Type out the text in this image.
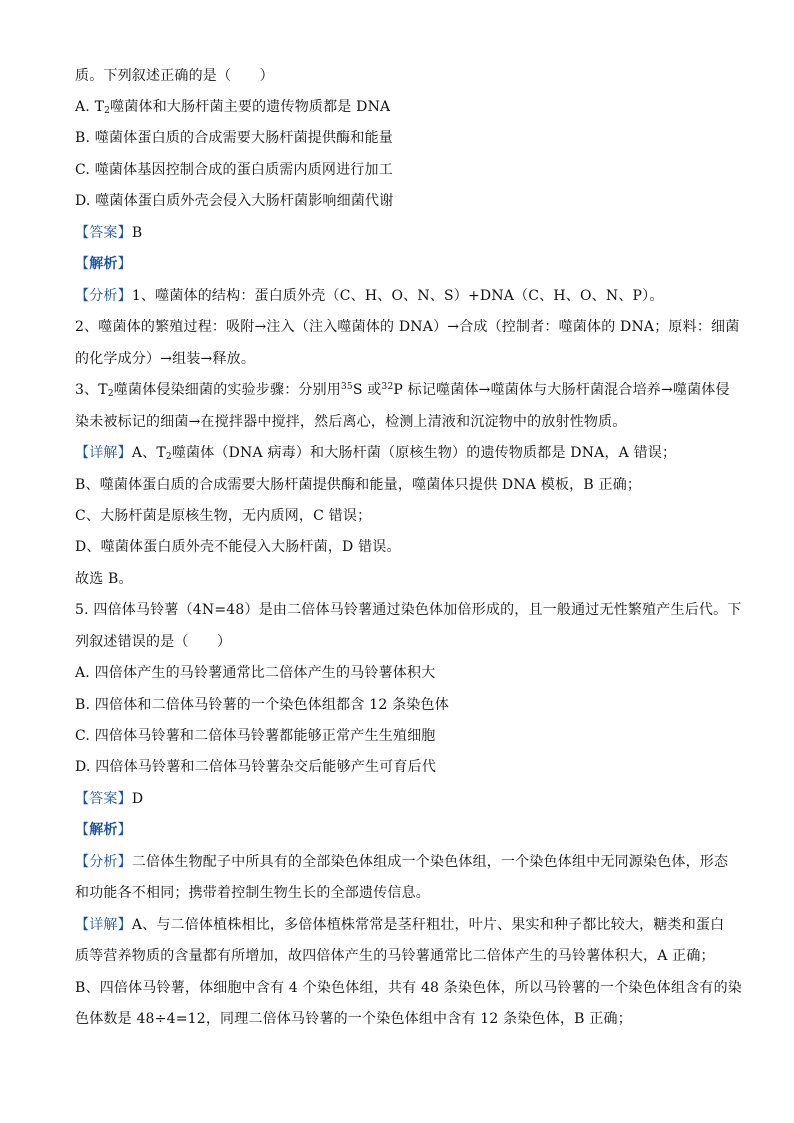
质。下列叙述正确的是（　　）
A. $T_2$噬菌体和大肠杆菌主要的遗传物质都是 DNA
B. 噬菌体蛋白质的合成需要大肠杆菌提供酶和能量
C. 噬菌体基因控制合成的蛋白质需内质网进行加工
D. 噬菌体蛋白质外壳会侵入大肠杆菌影响细菌代谢
【答案】B
【解析】
【分析】1、噬菌体的结构：蛋白质外壳（C、H、O、N、S）+DNA（C、H、O、N、P）。
2、噬菌体的繁殖过程：吸附→注入（注入噬菌体的 DNA）→合成（控制者：噬菌体的 DNA；原料：细菌
的化学成分）→组装→释放。
3、$T_2$噬菌体侵染细菌的实验步骤：分别用$^{35}$S 或$^{32}$P 标记噬菌体→噬菌体与大肠杆菌混合培养→噬菌体侵
染未被标记的细菌→在搅拌器中搅拌，然后离心，检测上清液和沉淀物中的放射性物质。
【详解】A、$T_2$噬菌体（DNA 病毒）和大肠杆菌（原核生物）的遗传物质都是 DNA，A 错误；
B、噬菌体蛋白质的合成需要大肠杆菌提供酶和能量，噬菌体只提供 DNA 模板，B 正确；
C、大肠杆菌是原核生物，无内质网，C 错误；
D、噬菌体蛋白质外壳不能侵入大肠杆菌，D 错误。
故选 B。
5. 四倍体马铃薯（4N=48）是由二倍体马铃薯通过染色体加倍形成的，且一般通过无性繁殖产生后代。下
列叙述错误的是（　　）
A. 四倍体产生的马铃薯通常比二倍体产生的马铃薯体积大
B. 四倍体和二倍体马铃薯的一个染色体组都含 12 条染色体
C. 四倍体马铃薯和二倍体马铃薯都能够正常产生生殖细胞
D. 四倍体马铃薯和二倍体马铃薯杂交后能够产生可育后代
【答案】D
【解析】
【分析】二倍体生物配子中所具有的全部染色体组成一个染色体组，一个染色体组中无同源染色体，形态
和功能各不相同；携带着控制生物生长的全部遗传信息。
【详解】A、与二倍体植株相比，多倍体植株常常是茎秆粗壮，叶片、果实和种子都比较大，糖类和蛋白
质等营养物质的含量都有所增加，故四倍体产生的马铃薯通常比二倍体产生的马铃薯体积大，A 正确；
B、四倍体马铃薯，体细胞中含有 4 个染色体组，共有 48 条染色体，所以马铃薯的一个染色体组含有的染
色体数是 48÷4=12，同理二倍体马铃薯的一个染色体组中含有 12 条染色体，B 正确；
